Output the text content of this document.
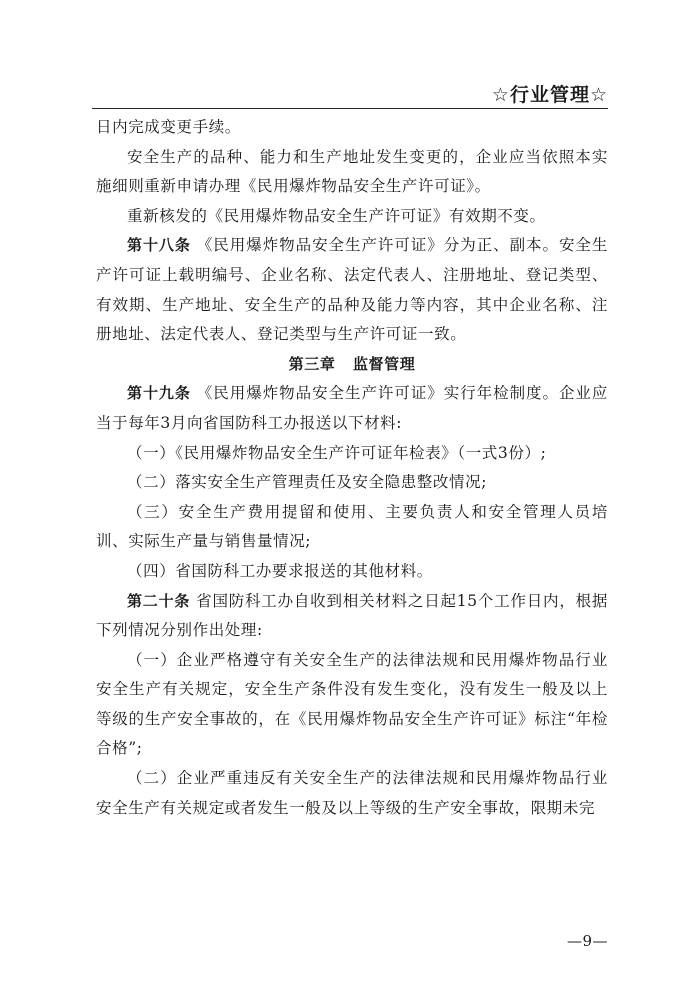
☆行业管理☆

日内完成变更手续。

安全生产的品种、能力和生产地址发生变更的，企业应当依照本实施细则重新申请办理《民用爆炸物品安全生产许可证》。

重新核发的《民用爆炸物品安全生产许可证》有效期不变。

第十八条 《民用爆炸物品安全生产许可证》分为正、副本。安全生产许可证上载明编号、企业名称、法定代表人、注册地址、登记类型、有效期、生产地址、安全生产的品种及能力等内容，其中企业名称、注册地址、法定代表人、登记类型与生产许可证一致。

第三章 监督管理

第十九条 《民用爆炸物品安全生产许可证》实行年检制度。企业应当于每年3月向省国防科工办报送以下材料:

（一）《民用爆炸物品安全生产许可证年检表》（一式3份）;

（二）落实安全生产管理责任及安全隐患整改情况;

（三）安全生产费用提留和使用、主要负责人和安全管理人员培训、实际生产量与销售量情况;

（四）省国防科工办要求报送的其他材料。

第二十条 省国防科工办自收到相关材料之日起15个工作日内，根据下列情况分别作出处理:

（一）企业严格遵守有关安全生产的法律法规和民用爆炸物品行业安全生产有关规定，安全生产条件没有发生变化，没有发生一般及以上等级的生产安全事故的，在《民用爆炸物品安全生产许可证》标注“年检合格”;

（二）企业严重违反有关安全生产的法律法规和民用爆炸物品行业安全生产有关规定或者发生一般及以上等级的生产安全事故，限期未完

—9—
